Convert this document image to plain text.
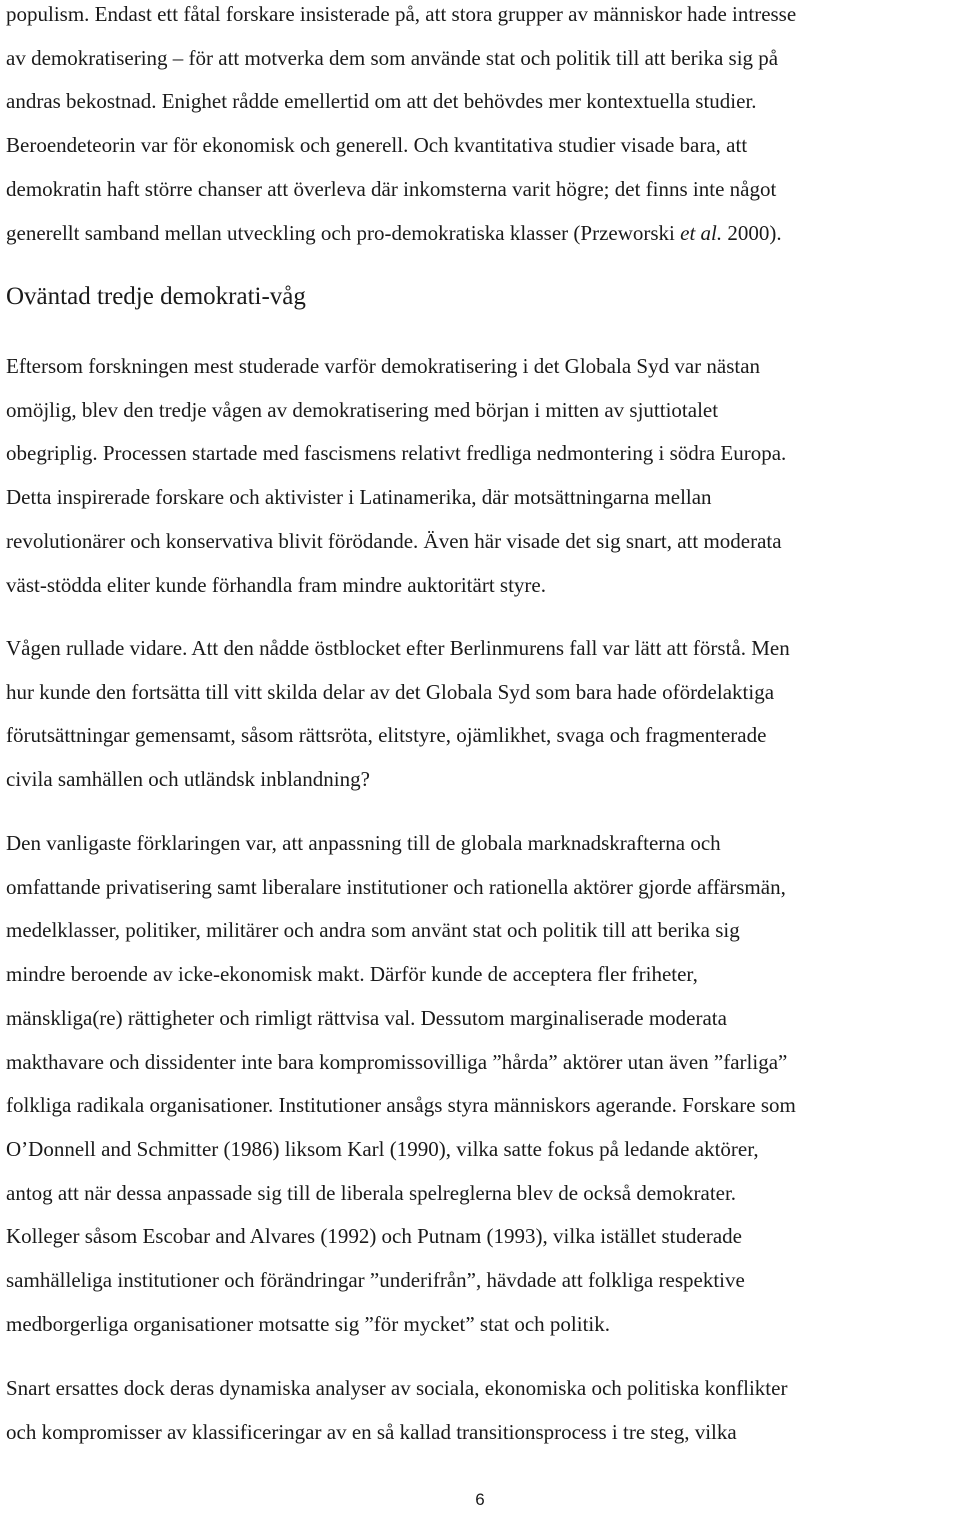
populism. Endast ett fåtal forskare insisterade på, att stora grupper av människor hade intresse
av demokratisering – för att motverka dem som använde stat och politik till att berika sig på
andras bekostnad. Enighet rådde emellertid om att det behövdes mer kontextuella studier.
Beroendeteorin var för ekonomisk och generell. Och kvantitativa studier visade bara, att
demokratin haft större chanser att överleva där inkomsterna varit högre; det finns inte något
generellt samband mellan utveckling och pro-demokratiska klasser (Przeworski et al. 2000).

Oväntad tredje demokrati-våg

Eftersom forskningen mest studerade varför demokratisering i det Globala Syd var nästan
omöjlig, blev den tredje vågen av demokratisering med början i mitten av sjuttiotalet
obegriplig. Processen startade med fascismens relativt fredliga nedmontering i södra Europa.
Detta inspirerade forskare och aktivister i Latinamerika, där motsättningarna mellan
revolutionärer och konservativa blivit förödande. Även här visade det sig snart, att moderata
väst-stödda eliter kunde förhandla fram mindre auktoritärt styre.

Vågen rullade vidare. Att den nådde östblocket efter Berlinmurens fall var lätt att förstå. Men
hur kunde den fortsätta till vitt skilda delar av det Globala Syd som bara hade ofördelaktiga
förutsättningar gemensamt, såsom rättsröta, elitstyre, ojämlikhet, svaga och fragmenterade
civila samhällen och utländsk inblandning?

Den vanligaste förklaringen var, att anpassning till de globala marknadskrafterna och
omfattande privatisering samt liberalare institutioner och rationella aktörer gjorde affärsmän,
medelklasser, politiker, militärer och andra som använt stat och politik till att berika sig
mindre beroende av icke-ekonomisk makt. Därför kunde de acceptera fler friheter,
mänskliga(re) rättigheter och rimligt rättvisa val. Dessutom marginaliserade moderata
makthavare och dissidenter inte bara kompromissovilliga ”hårda” aktörer utan även ”farliga”
folkliga radikala organisationer. Institutioner ansågs styra människors agerande. Forskare som
O’Donnell and Schmitter (1986) liksom Karl (1990), vilka satte fokus på ledande aktörer,
antog att när dessa anpassade sig till de liberala spelreglerna blev de också demokrater.
Kolleger såsom Escobar and Alvares (1992) och Putnam (1993), vilka istället studerade
samhälleliga institutioner och förändringar ”underifrån”, hävdade att folkliga respektive
medborgerliga organisationer motsatte sig ”för mycket” stat och politik.

Snart ersattes dock deras dynamiska analyser av sociala, ekonomiska och politiska konflikter
och kompromisser av klassificeringar av en så kallad transitionsprocess i tre steg, vilka

6
